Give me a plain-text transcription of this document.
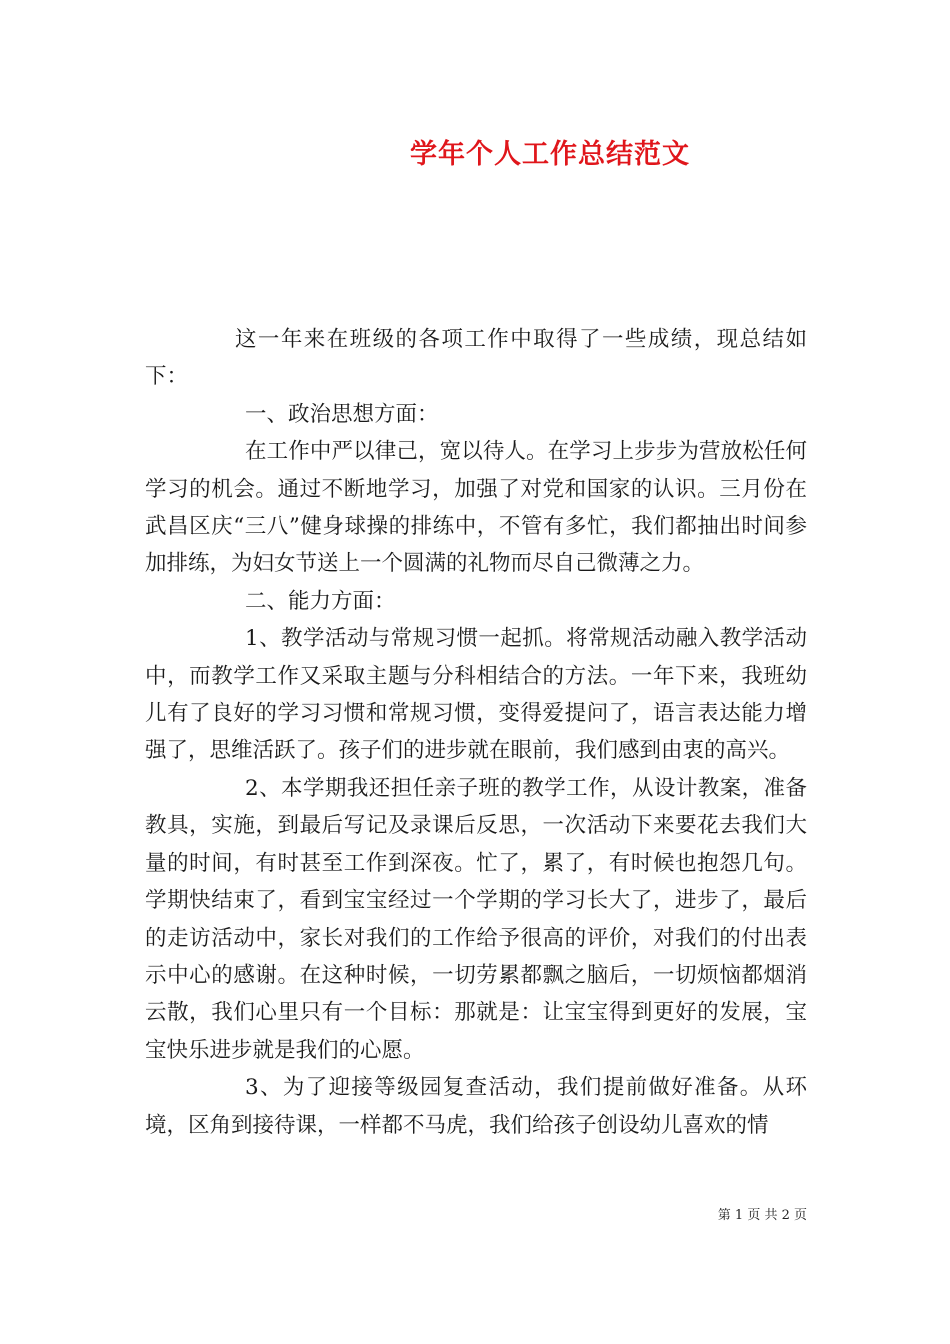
学年个人工作总结范文

这一年来在班级的各项工作中取得了一些成绩，现总结如下：

一、政治思想方面：

在工作中严以律己，宽以待人。在学习上步步为营放松任何学习的机会。通过不断地学习，加强了对党和国家的认识。三月份在武昌区庆“三八”健身球操的排练中，不管有多忙，我们都抽出时间参加排练，为妇女节送上一个圆满的礼物而尽自己微薄之力。

二、能力方面：

1、教学活动与常规习惯一起抓。将常规活动融入教学活动中，而教学工作又采取主题与分科相结合的方法。一年下来，我班幼儿有了良好的学习习惯和常规习惯，变得爱提问了，语言表达能力增强了，思维活跃了。孩子们的进步就在眼前，我们感到由衷的高兴。

2、本学期我还担任亲子班的教学工作，从设计教案，准备教具，实施，到最后写记及录课后反思，一次活动下来要花去我们大量的时间，有时甚至工作到深夜。忙了，累了，有时候也抱怨几句。学期快结束了，看到宝宝经过一个学期的学习长大了，进步了，最后的走访活动中，家长对我们的工作给予很高的评价，对我们的付出表示中心的感谢。在这种时候，一切劳累都飘之脑后，一切烦恼都烟消云散，我们心里只有一个目标：那就是：让宝宝得到更好的发展，宝宝快乐进步就是我们的心愿。

3、为了迎接等级园复查活动，我们提前做好准备。从环境，区角到接待课，一样都不马虎，我们给孩子创设幼儿喜欢的情

第 1 页 共 2 页
